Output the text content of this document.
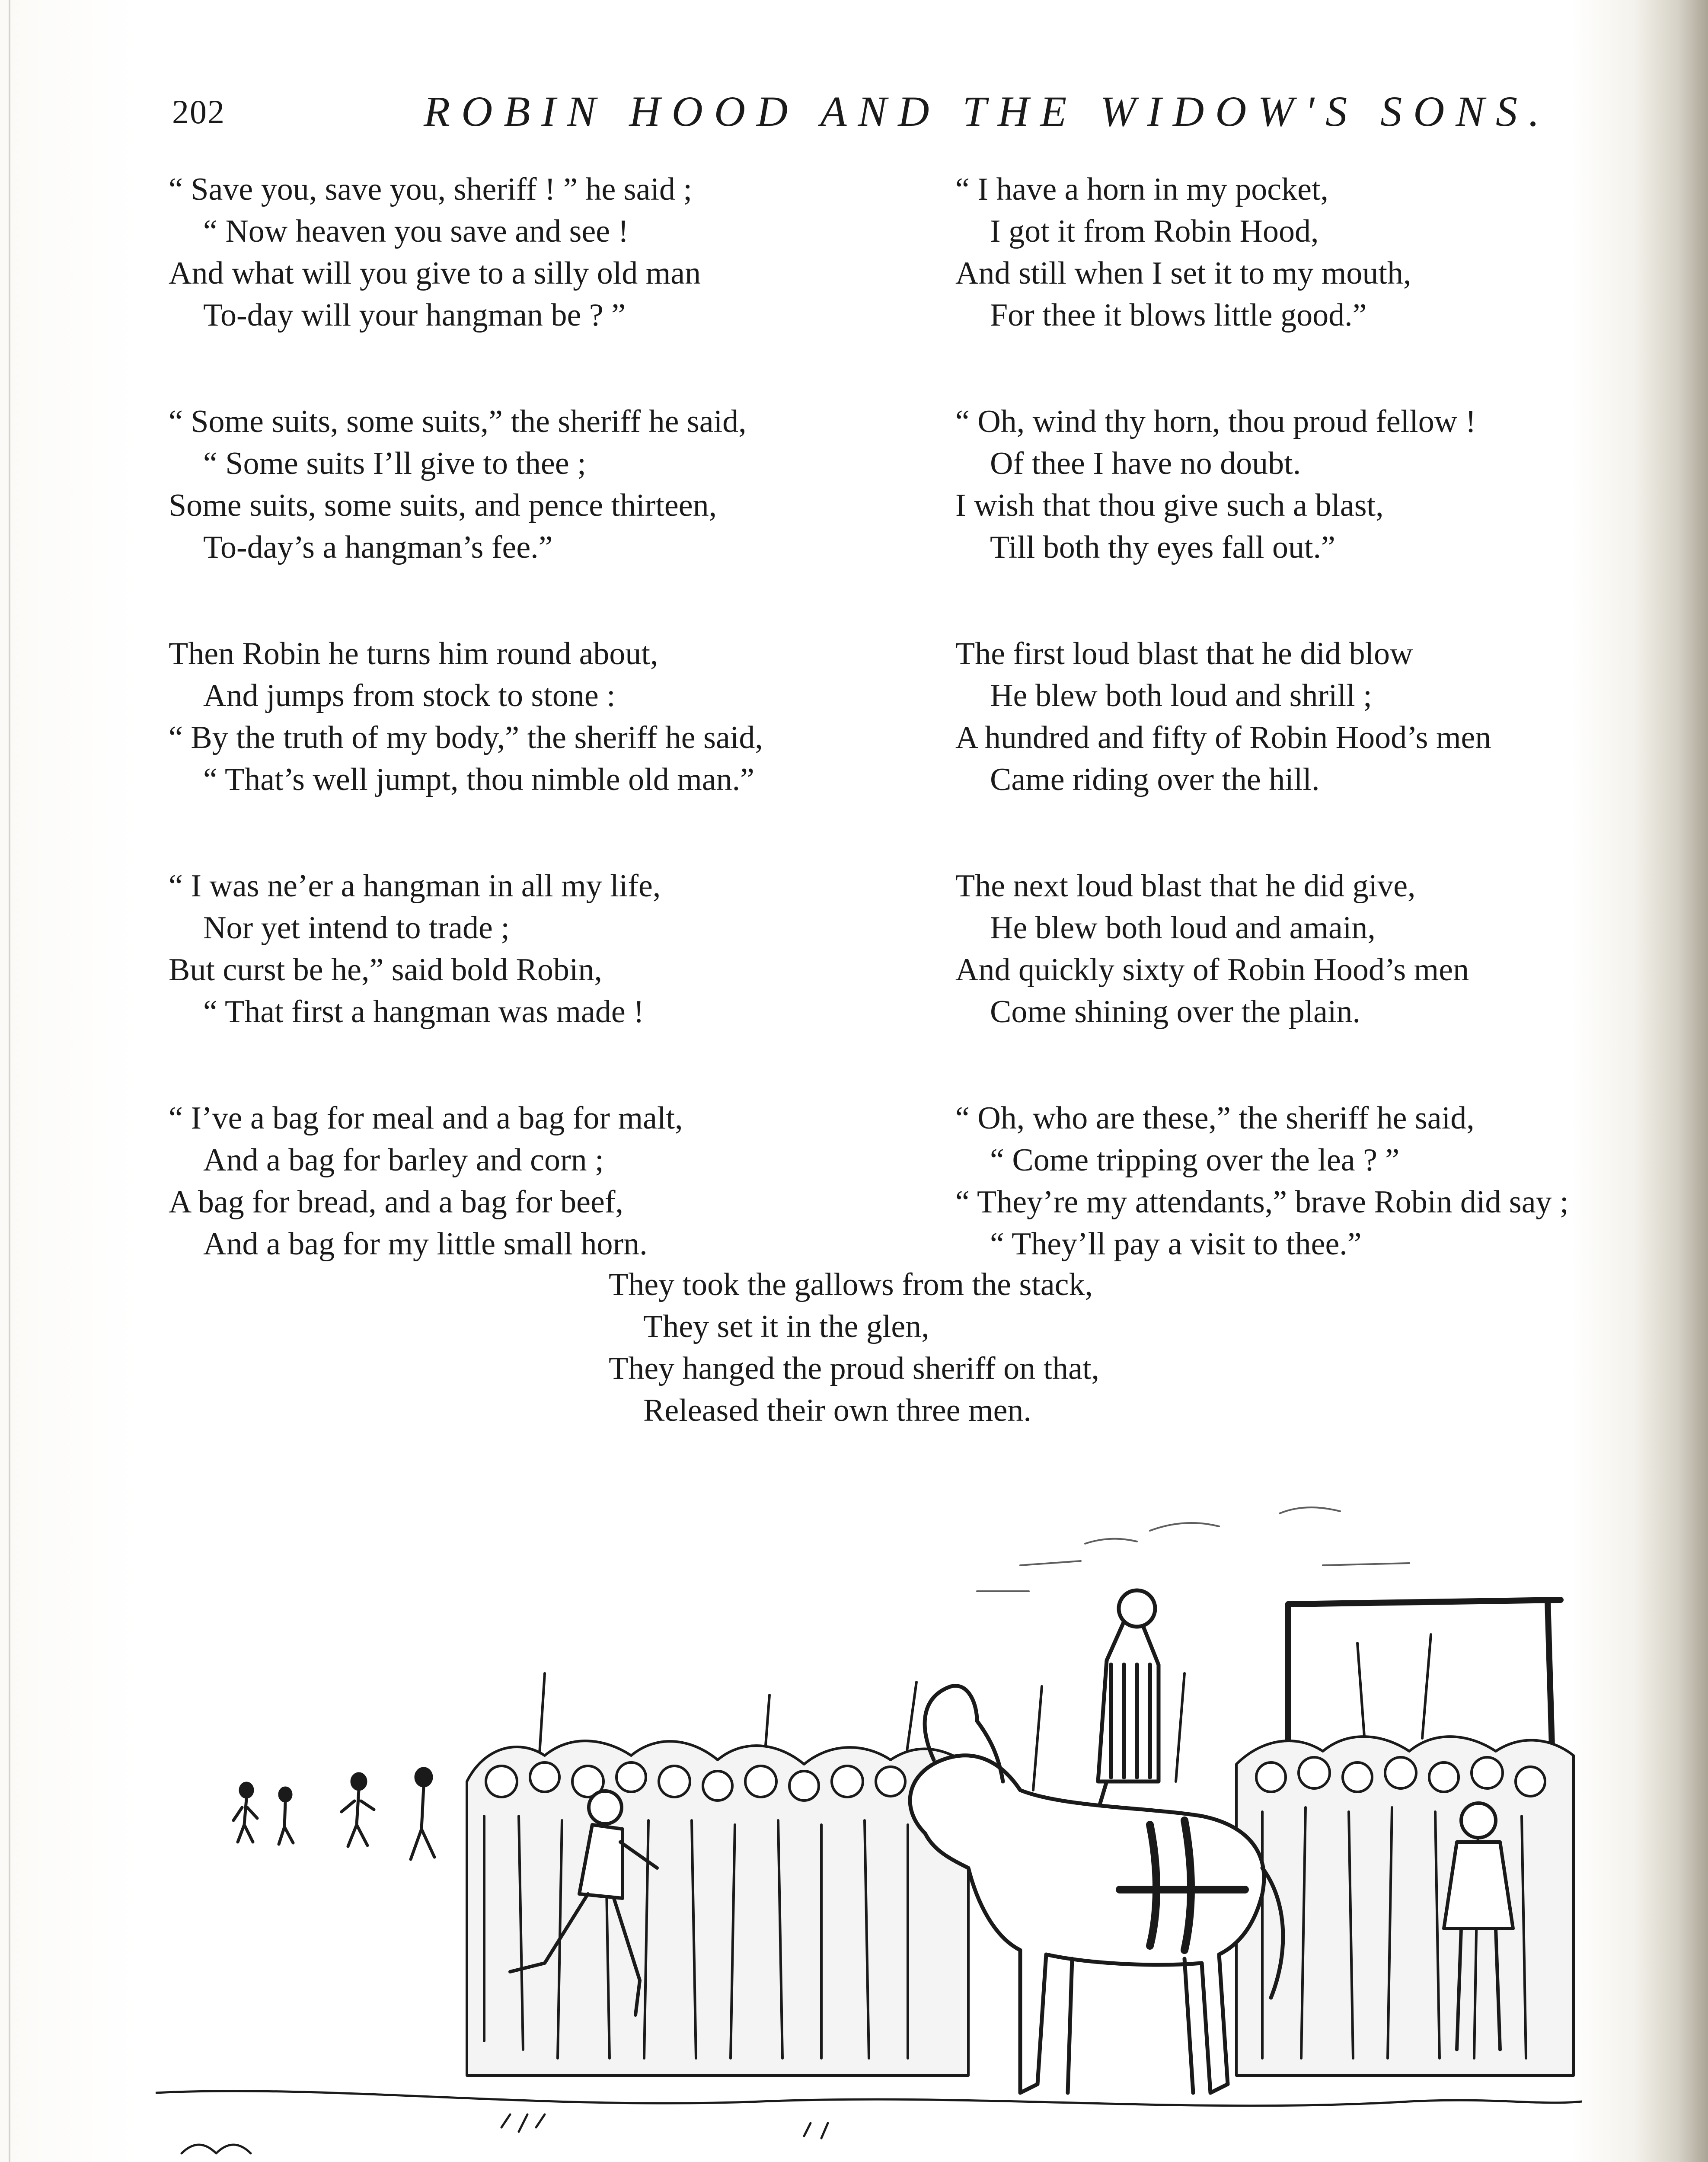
202	ROBIN HOOD AND THE WIDOW'S SONS.
“ Save you, save you, sheriff ! ” he said ;
“ Now heaven you save and see !
And what will you give to a silly old man
To-day will your hangman be ? ”
“ Some suits, some suits,” the sheriff he said,
“ Some suits I’ll give to thee ;
Some suits, some suits, and pence thirteen,
To-day’s a hangman’s fee.”
Then Robin he turns him round about,
And jumps from stock to stone :
“ By the truth of my body,” the sheriff he said,
“ That’s well jumpt, thou nimble old man.”
“ I was ne’er a hangman in all my life,
Nor yet intend to trade ;
But curst be he,” said bold Robin,
“ That first a hangman was made !
“ I’ve a bag for meal and a bag for malt,
And a bag for barley and corn ;
A bag for bread, and a bag for beef,
And a bag for my little small horn.
“ I have a horn in my pocket,
I got it from Robin Hood,
And still when I set it to my mouth,
For thee it blows little good.”
“ Oh, wind thy horn, thou proud fellow !
Of thee I have no doubt.
I wish that thou give such a blast,
Till both thy eyes fall out.”
The first loud blast that he did blow
He blew both loud and shrill ;
A hundred and fifty of Robin Hood’s men
Came riding over the hill.
The next loud blast that he did give,
He blew both loud and amain,
And quickly sixty of Robin Hood’s men
Come shining over the plain.
“ Oh, who are these,” the sheriff he said,
“ Come tripping over the lea ? ”
“ They’re my attendants,” brave Robin did say ;
“ They’ll pay a visit to thee.”
They took the gallows from the stack,
They set it in the glen,
They hanged the proud sheriff on that,
Released their own three men.
